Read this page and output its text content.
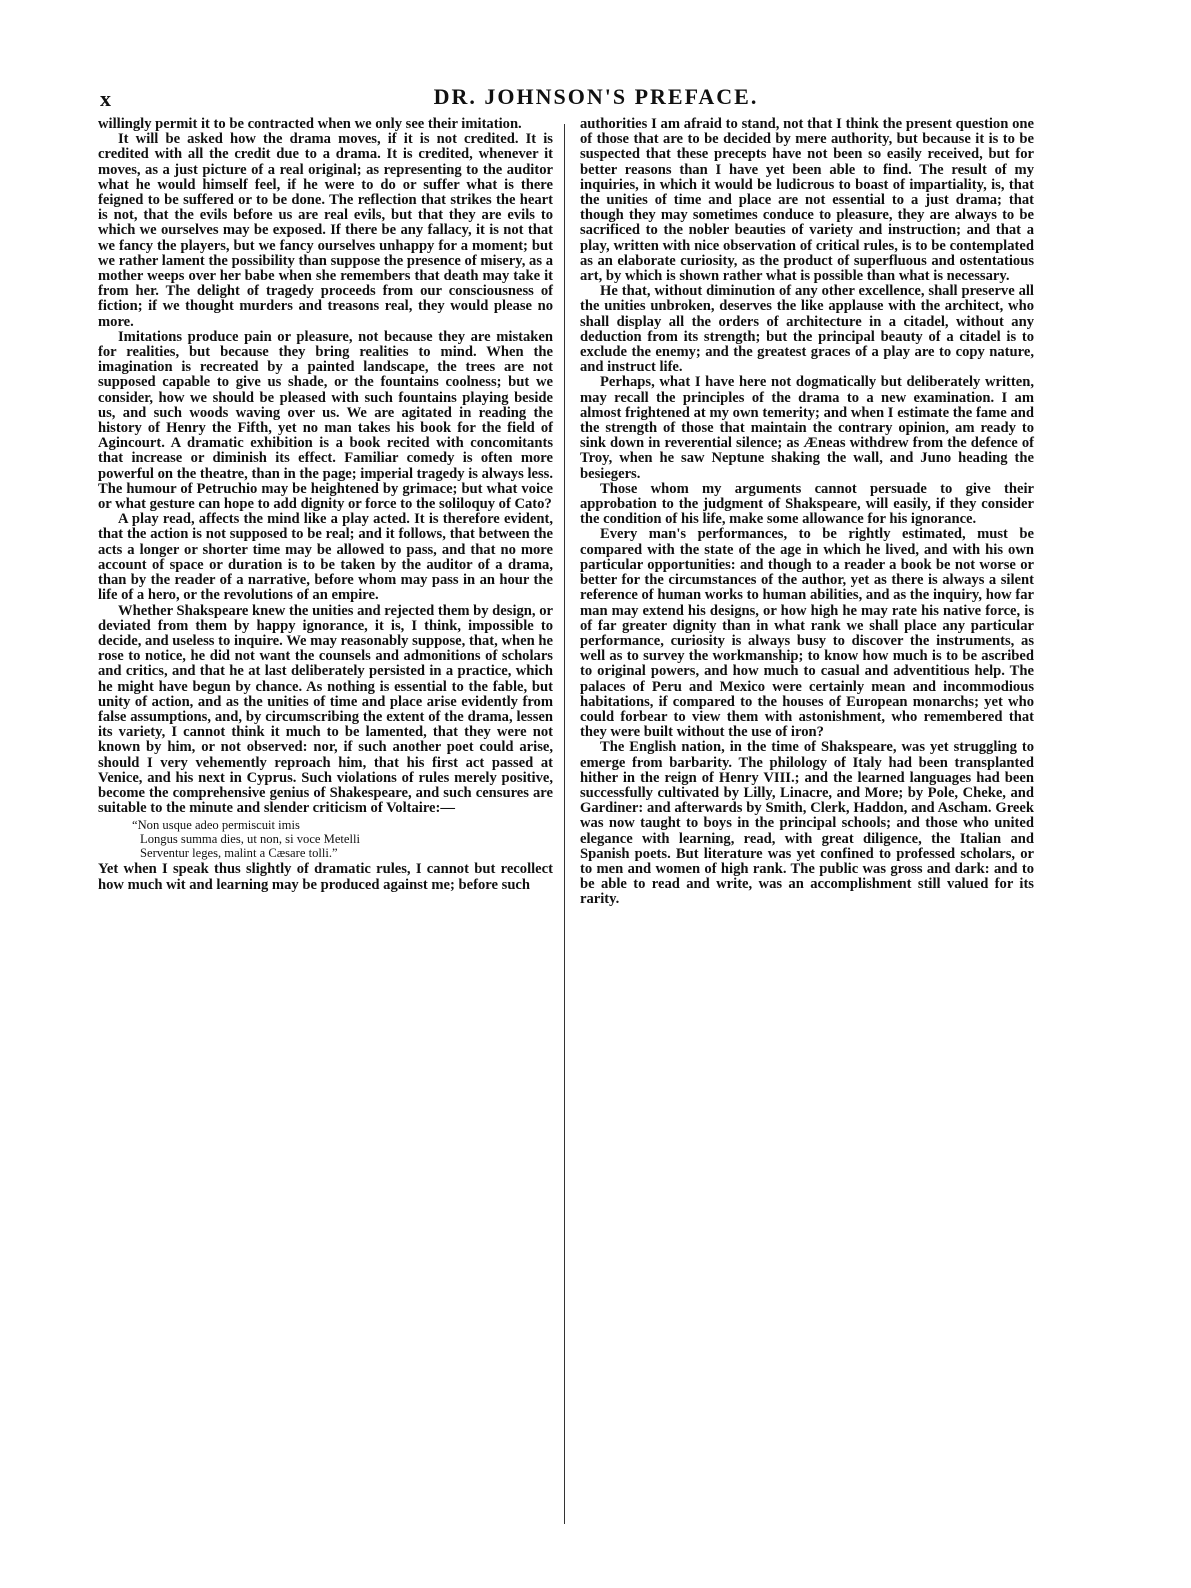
x	DR. JOHNSON'S PREFACE.

willingly permit it to be contracted when we only see their imitation.

It will be asked how the drama moves, if it is not credited. It is credited with all the credit due to a drama. It is credited, whenever it moves, as a just picture of a real original; as representing to the auditor what he would himself feel, if he were to do or suffer what is there feigned to be suffered or to be done. The reflection that strikes the heart is not, that the evils before us are real evils, but that they are evils to which we ourselves may be exposed. If there be any fallacy, it is not that we fancy the players, but we fancy ourselves unhappy for a moment; but we rather lament the possibility than suppose the presence of misery, as a mother weeps over her babe when she remembers that death may take it from her. The delight of tragedy proceeds from our consciousness of fiction; if we thought murders and treasons real, they would please no more.

Imitations produce pain or pleasure, not because they are mistaken for realities, but because they bring realities to mind. When the imagination is recreated by a painted landscape, the trees are not supposed capable to give us shade, or the fountains coolness; but we consider, how we should be pleased with such fountains playing beside us, and such woods waving over us. We are agitated in reading the history of Henry the Fifth, yet no man takes his book for the field of Agincourt. A dramatic exhibition is a book recited with concomitants that increase or diminish its effect. Familiar comedy is often more powerful on the theatre, than in the page; imperial tragedy is always less. The humour of Petruchio may be heightened by grimace; but what voice or what gesture can hope to add dignity or force to the soliloquy of Cato?

A play read, affects the mind like a play acted. It is therefore evident, that the action is not supposed to be real; and it follows, that between the acts a longer or shorter time may be allowed to pass, and that no more account of space or duration is to be taken by the auditor of a drama, than by the reader of a narrative, before whom may pass in an hour the life of a hero, or the revolutions of an empire.

Whether Shakspeare knew the unities and rejected them by design, or deviated from them by happy ignorance, it is, I think, impossible to decide, and useless to inquire. We may reasonably suppose, that, when he rose to notice, he did not want the counsels and admonitions of scholars and critics, and that he at last deliberately persisted in a practice, which he might have begun by chance. As nothing is essential to the fable, but unity of action, and as the unities of time and place arise evidently from false assumptions, and, by circumscribing the extent of the drama, lessen its variety, I cannot think it much to be lamented, that they were not known by him, or not observed: nor, if such another poet could arise, should I very vehemently reproach him, that his first act passed at Venice, and his next in Cyprus. Such violations of rules merely positive, become the comprehensive genius of Shakespeare, and such censures are suitable to the minute and slender criticism of Voltaire:—

“Non usque adeo permiscuit imis
Longus summa dies, ut non, si voce Metelli
Serventur leges, malint a Cæsare tolli.”

Yet when I speak thus slightly of dramatic rules, I cannot but recollect how much wit and learning may be produced against me; before such

authorities I am afraid to stand, not that I think the present question one of those that are to be decided by mere authority, but because it is to be suspected that these precepts have not been so easily received, but for better reasons than I have yet been able to find. The result of my inquiries, in which it would be ludicrous to boast of impartiality, is, that the unities of time and place are not essential to a just drama; that though they may sometimes conduce to pleasure, they are always to be sacrificed to the nobler beauties of variety and instruction; and that a play, written with nice observation of critical rules, is to be contemplated as an elaborate curiosity, as the product of superfluous and ostentatious art, by which is shown rather what is possible than what is necessary.

He that, without diminution of any other excellence, shall preserve all the unities unbroken, deserves the like applause with the architect, who shall display all the orders of architecture in a citadel, without any deduction from its strength; but the principal beauty of a citadel is to exclude the enemy; and the greatest graces of a play are to copy nature, and instruct life.

Perhaps, what I have here not dogmatically but deliberately written, may recall the principles of the drama to a new examination. I am almost frightened at my own temerity; and when I estimate the fame and the strength of those that maintain the contrary opinion, am ready to sink down in reverential silence; as Æneas withdrew from the defence of Troy, when he saw Neptune shaking the wall, and Juno heading the besiegers.

Those whom my arguments cannot persuade to give their approbation to the judgment of Shakspeare, will easily, if they consider the condition of his life, make some allowance for his ignorance.

Every man's performances, to be rightly estimated, must be compared with the state of the age in which he lived, and with his own particular opportunities: and though to a reader a book be not worse or better for the circumstances of the author, yet as there is always a silent reference of human works to human abilities, and as the inquiry, how far man may extend his designs, or how high he may rate his native force, is of far greater dignity than in what rank we shall place any particular performance, curiosity is always busy to discover the instruments, as well as to survey the workmanship; to know how much is to be ascribed to original powers, and how much to casual and adventitious help. The palaces of Peru and Mexico were certainly mean and incommodious habitations, if compared to the houses of European monarchs; yet who could forbear to view them with astonishment, who remembered that they were built without the use of iron?

The English nation, in the time of Shakspeare, was yet struggling to emerge from barbarity. The philology of Italy had been transplanted hither in the reign of Henry VIII.; and the learned languages had been successfully cultivated by Lilly, Linacre, and More; by Pole, Cheke, and Gardiner: and afterwards by Smith, Clerk, Haddon, and Ascham. Greek was now taught to boys in the principal schools; and those who united elegance with learning, read, with great diligence, the Italian and Spanish poets. But literature was yet confined to professed scholars, or to men and women of high rank. The public was gross and dark: and to be able to read and write, was an accomplishment still valued for its rarity.
